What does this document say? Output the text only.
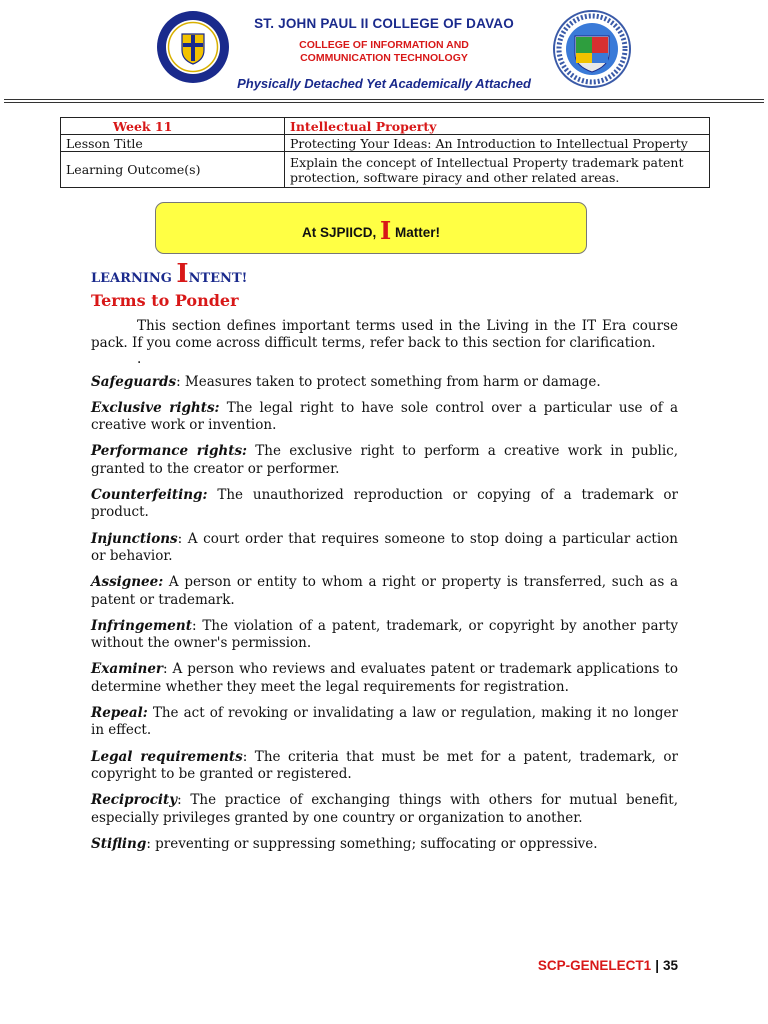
ST. JOHN PAUL II COLLEGE OF DAVAO
COLLEGE OF INFORMATION AND
COMMUNICATION TECHNOLOGY
Physically Detached Yet Academically Attached
Week 11	Intellectual Property
Lesson Title	Protecting Your Ideas: An Introduction to Intellectual Property
Learning Outcome(s)	Explain the concept of Intellectual Property trademark patent protection, software piracy and other related areas.
At SJPIICD, I Matter!
LEARNING INTENT!
Terms to Ponder

This section defines important terms used in the Living in the IT Era course pack. If you come across difficult terms, refer back to this section for clarification.

.

Safeguards: Measures taken to protect something from harm or damage.

Exclusive rights: The legal right to have sole control over a particular use of a creative work or invention.

Performance rights: The exclusive right to perform a creative work in public, granted to the creator or performer.

Counterfeiting: The unauthorized reproduction or copying of a trademark or product.

Injunctions: A court order that requires someone to stop doing a particular action or behavior.

Assignee: A person or entity to whom a right or property is transferred, such as a patent or trademark.

Infringement: The violation of a patent, trademark, or copyright by another party without the owner's permission.

Examiner: A person who reviews and evaluates patent or trademark applications to determine whether they meet the legal requirements for registration.

Repeal: The act of revoking or invalidating a law or regulation, making it no longer in effect.

Legal requirements: The criteria that must be met for a patent, trademark, or copyright to be granted or registered.

Reciprocity: The practice of exchanging things with others for mutual benefit, especially privileges granted by one country or organization to another.

Stifling: preventing or suppressing something; suffocating or oppressive.

SCP-GENELECT1 | 35
